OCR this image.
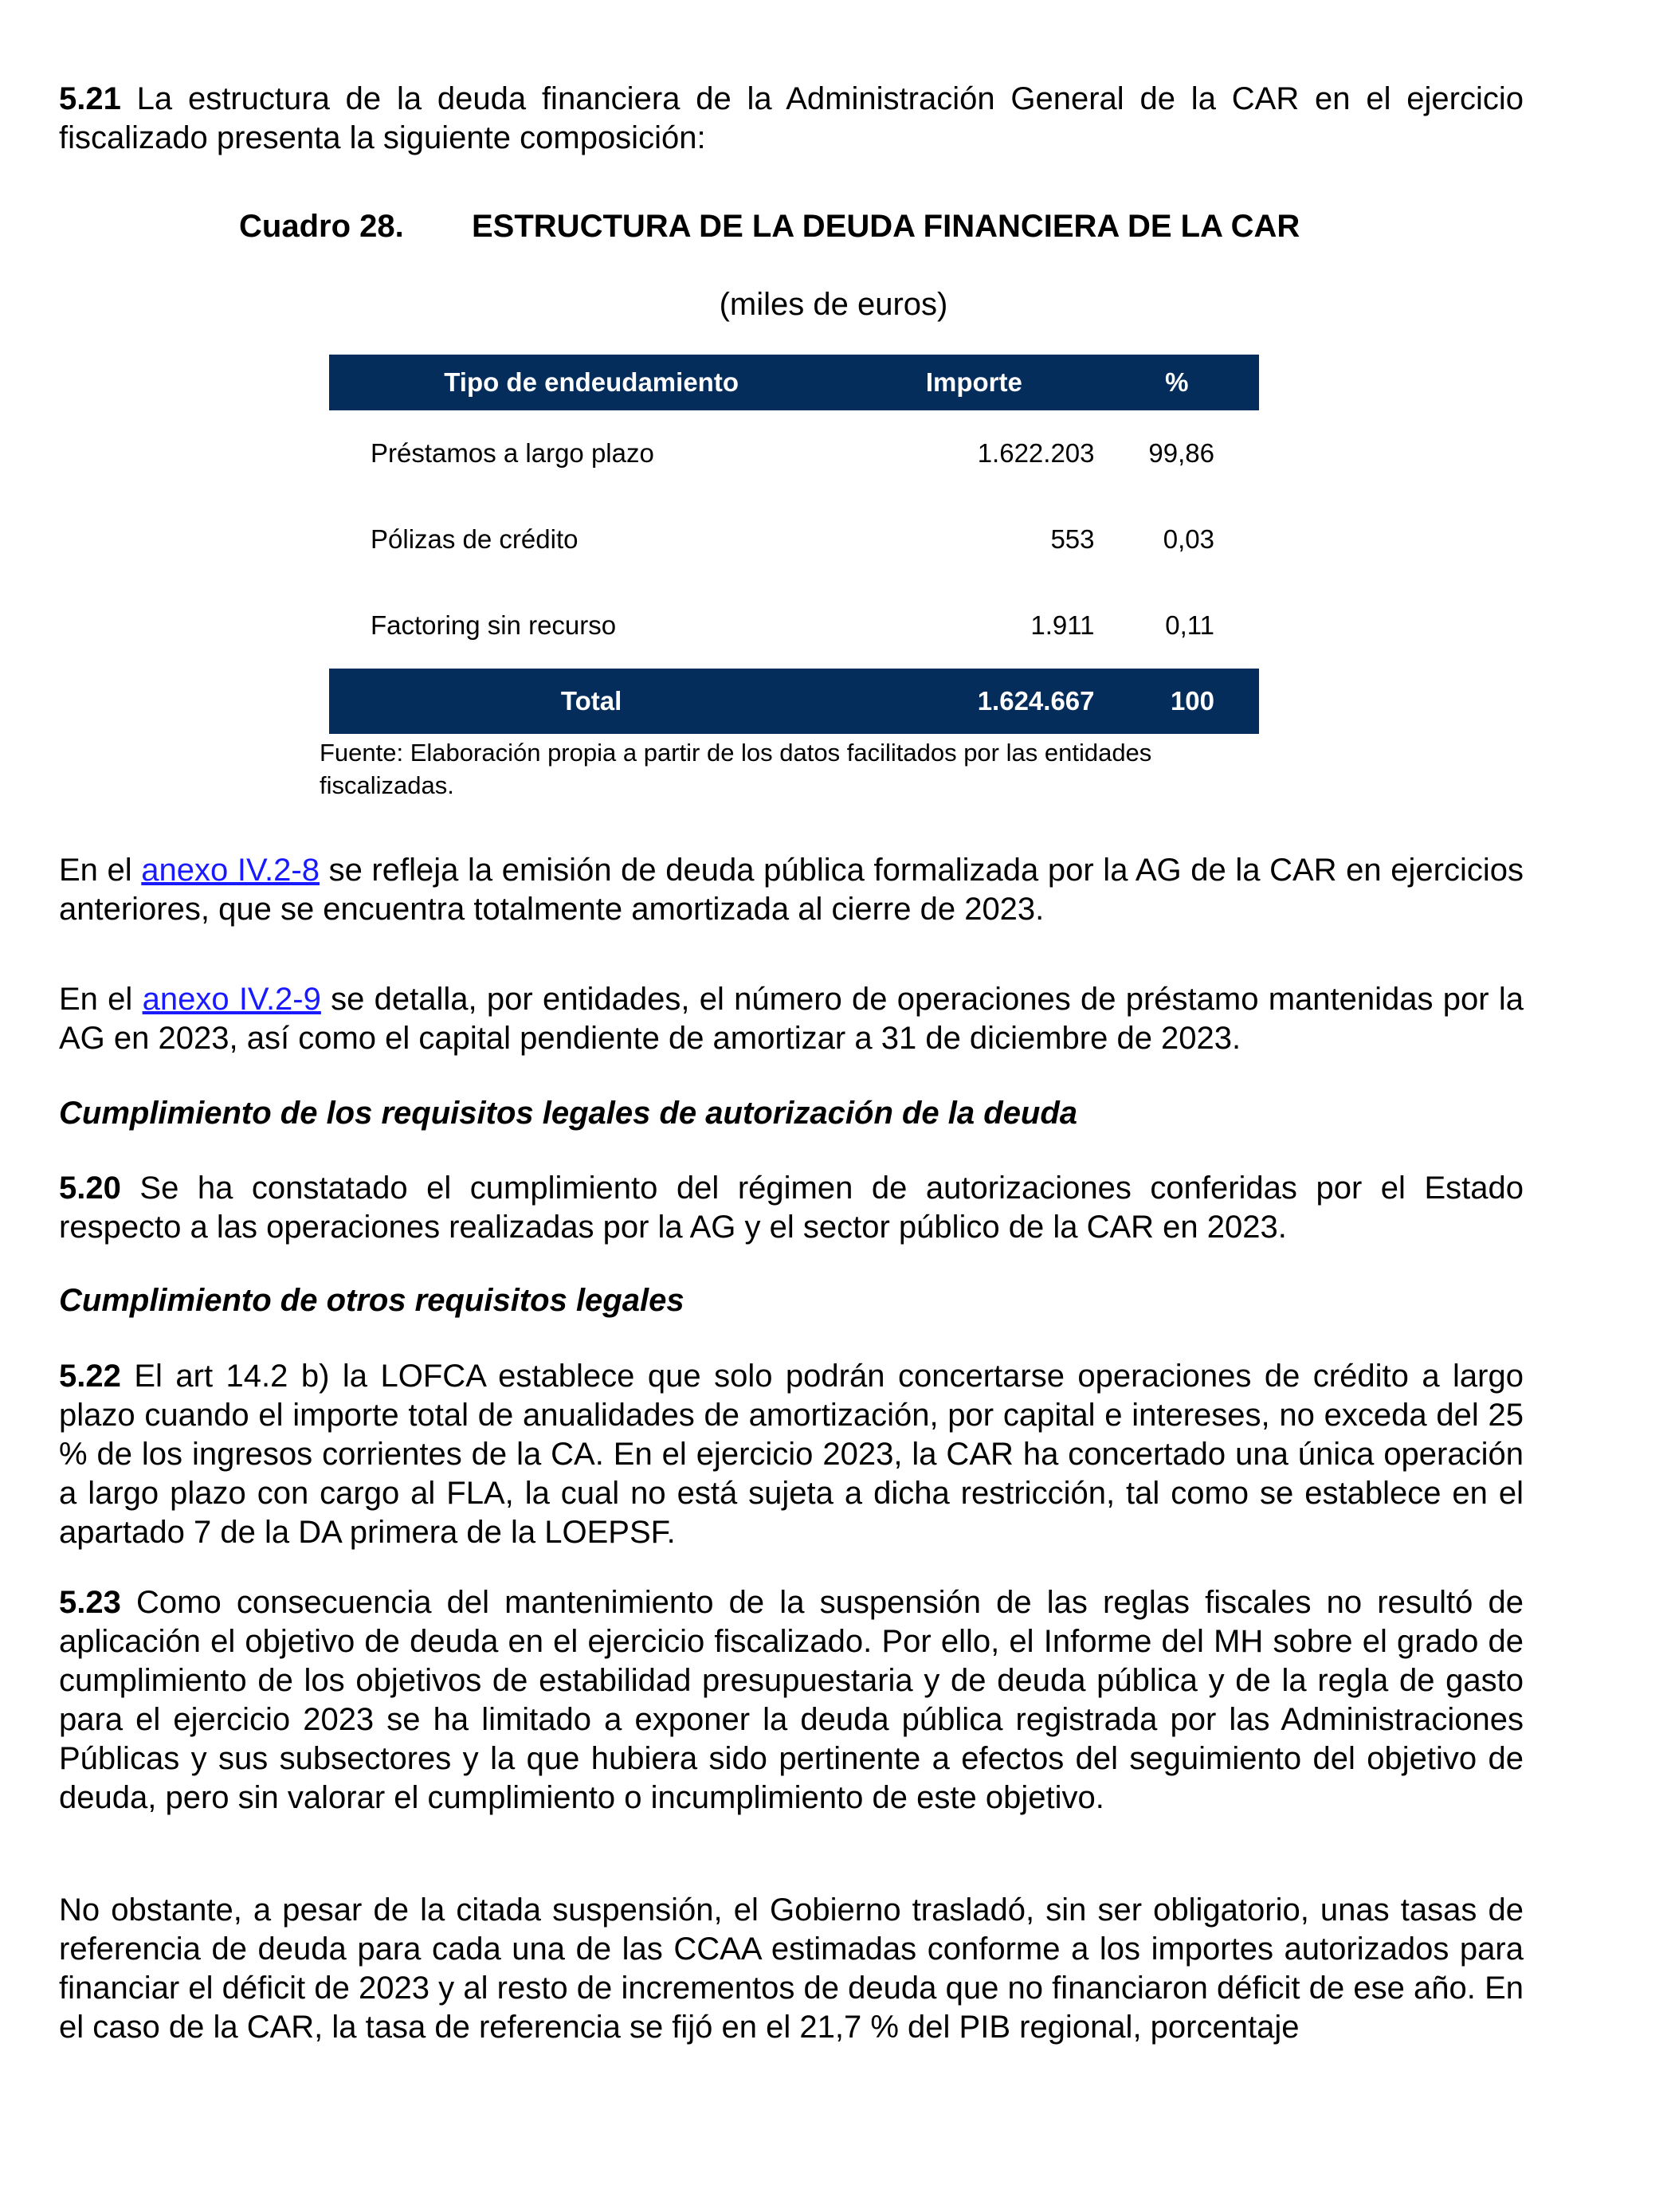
5.21 La estructura de la deuda financiera de la Administración General de la CAR en el ejercicio fiscalizado presenta la siguiente composición:

Cuadro 28. ESTRUCTURA DE LA DEUDA FINANCIERA DE LA CAR
(miles de euros)
Tipo de endeudamiento	Importe	%
Préstamos a largo plazo	1.622.203	99,86
Pólizas de crédito	553	0,03
Factoring sin recurso	1.911	0,11
Total	1.624.667	100
Fuente: Elaboración propia a partir de los datos facilitados por las entidades fiscalizadas.

En el anexo IV.2-8 se refleja la emisión de deuda pública formalizada por la AG de la CAR en ejercicios anteriores, que se encuentra totalmente amortizada al cierre de 2023.

En el anexo IV.2-9 se detalla, por entidades, el número de operaciones de préstamo mantenidas por la AG en 2023, así como el capital pendiente de amortizar a 31 de diciembre de 2023.

Cumplimiento de los requisitos legales de autorización de la deuda

5.20 Se ha constatado el cumplimiento del régimen de autorizaciones conferidas por el Estado respecto a las operaciones realizadas por la AG y el sector público de la CAR en 2023.

Cumplimiento de otros requisitos legales

5.22 El art 14.2 b) la LOFCA establece que solo podrán concertarse operaciones de crédito a largo plazo cuando el importe total de anualidades de amortización, por capital e intereses, no exceda del 25 % de los ingresos corrientes de la CA. En el ejercicio 2023, la CAR ha concertado una única operación a largo plazo con cargo al FLA, la cual no está sujeta a dicha restricción, tal como se establece en el apartado 7 de la DA primera de la LOEPSF.

5.23 Como consecuencia del mantenimiento de la suspensión de las reglas fiscales no resultó de aplicación el objetivo de deuda en el ejercicio fiscalizado. Por ello, el Informe del MH sobre el grado de cumplimiento de los objetivos de estabilidad presupuestaria y de deuda pública y de la regla de gasto para el ejercicio 2023 se ha limitado a exponer la deuda pública registrada por las Administraciones Públicas y sus subsectores y la que hubiera sido pertinente a efectos del seguimiento del objetivo de deuda, pero sin valorar el cumplimiento o incumplimiento de este objetivo.

No obstante, a pesar de la citada suspensión, el Gobierno trasladó, sin ser obligatorio, unas tasas de referencia de deuda para cada una de las CCAA estimadas conforme a los importes autorizados para financiar el déficit de 2023 y al resto de incrementos de deuda que no financiaron déficit de ese año. En el caso de la CAR, la tasa de referencia se fijó en el 21,7 % del PIB regional, porcentaje
